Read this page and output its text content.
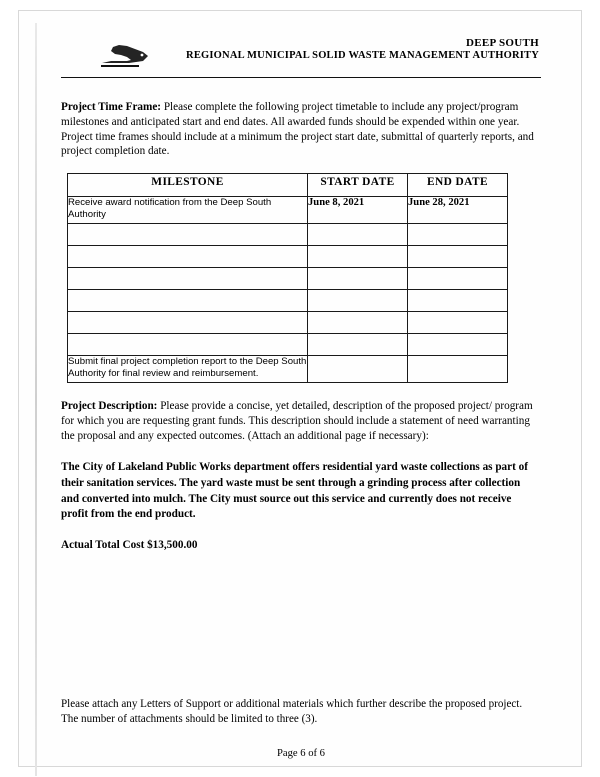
DEEP SOUTH
REGIONAL MUNICIPAL SOLID WASTE MANAGEMENT AUTHORITY
Project Time Frame: Please complete the following project timetable to include any project/program milestones and anticipated start and end dates. All awarded funds should be expended within one year. Project time frames should include at a minimum the project start date, submittal of quarterly reports, and project completion date.
MILESTONE	START DATE	END DATE
Receive award notification from the Deep South Authority	June 8, 2021	June 28, 2021

Submit final project completion report to the Deep South Authority for final review and reimbursement.		
Project Description: Please provide a concise, yet detailed, description of the proposed project/ program for which you are requesting grant funds. This description should include a statement of need warranting the proposal and any expected outcomes. (Attach an additional page if necessary):
The City of Lakeland Public Works department offers residential yard waste collections as part of their sanitation services. The yard waste must be sent through a grinding process after collection and converted into mulch. The City must source out this service and currently does not receive profit from the end product.
Actual Total Cost $13,500.00
Please attach any Letters of Support or additional materials which further describe the proposed project. The number of attachments should be limited to three (3).
Page 6 of 6
